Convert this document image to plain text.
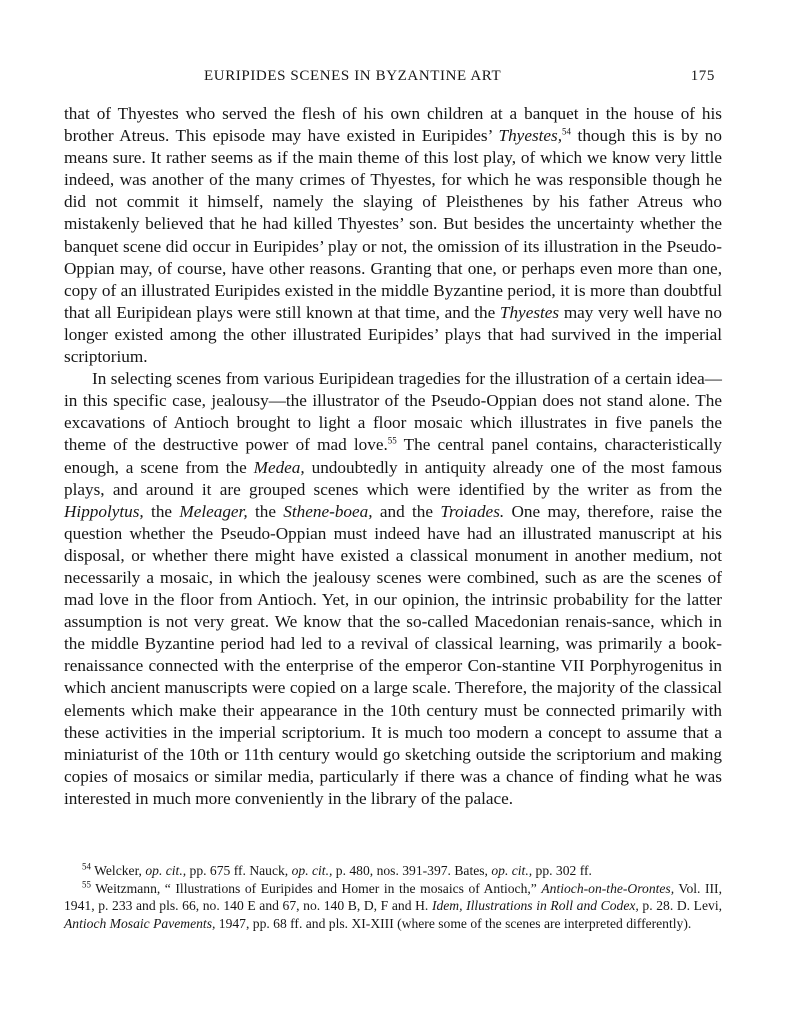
EURIPIDES SCENES IN BYZANTINE ART	175

that of Thyestes who served the flesh of his own children at a banquet in the house of his brother Atreus. This episode may have existed in Euripides’ Thyestes,$^{54}$ though this is by no means sure. It rather seems as if the main theme of this lost play, of which we know very little indeed, was another of the many crimes of Thyestes, for which he was responsible though he did not commit it himself, namely the slaying of Pleisthenes by his father Atreus who mistakenly believed that he had killed Thyestes’ son. But besides the uncertainty whether the banquet scene did occur in Euripides’ play or not, the omission of its illustration in the Pseudo-Oppian may, of course, have other reasons. Granting that one, or perhaps even more than one, copy of an illustrated Euripides existed in the middle Byzantine period, it is more than doubtful that all Euripidean plays were still known at that time, and the Thyestes may very well have no longer existed among the other illustrated Euripides’ plays that had survived in the imperial scriptorium.

In selecting scenes from various Euripidean tragedies for the illustration of a certain idea—in this specific case, jealousy—the illustrator of the Pseudo-Oppian does not stand alone. The excavations of Antioch brought to light a floor mosaic which illustrates in five panels the theme of the destructive power of mad love.$^{55}$ The central panel contains, characteristically enough, a scene from the Medea, undoubtedly in antiquity already one of the most famous plays, and around it are grouped scenes which were identified by the writer as from the Hippolytus, the Meleager, the Sthene-boea, and the Troiades. One may, therefore, raise the question whether the Pseudo-Oppian must indeed have had an illustrated manuscript at his disposal, or whether there might have existed a classical monument in another medium, not necessarily a mosaic, in which the jealousy scenes were combined, such as are the scenes of mad love in the floor from Antioch. Yet, in our opinion, the intrinsic probability for the latter assumption is not very great. We know that the so-called Macedonian renais-sance, which in the middle Byzantine period had led to a revival of classical learning, was primarily a book-renaissance connected with the enterprise of the emperor Con-stantine VII Porphyrogenitus in which ancient manuscripts were copied on a large scale. Therefore, the majority of the classical elements which make their appearance in the 10th century must be connected primarily with these activities in the imperial scriptorium. It is much too modern a concept to assume that a miniaturist of the 10th or 11th century would go sketching outside the scriptorium and making copies of mosaics or similar media, particularly if there was a chance of finding what he was interested in much more conveniently in the library of the palace.

$^{54}$ Welcker, op. cit., pp. 675 ff. Nauck, op. cit., p. 480, nos. 391-397. Bates, op. cit., pp. 302 ff.

$^{55}$ Weitzmann, “ Illustrations of Euripides and Homer in the mosaics of Antioch,” Antioch-on-the-Orontes, Vol. III, 1941, p. 233 and pls. 66, no. 140 E and 67, no. 140 B, D, F and H. Idem, Illustrations in Roll and Codex, p. 28. D. Levi, Antioch Mosaic Pavements, 1947, pp. 68 ff. and pls. XI-XIII (where some of the scenes are interpreted differently).
